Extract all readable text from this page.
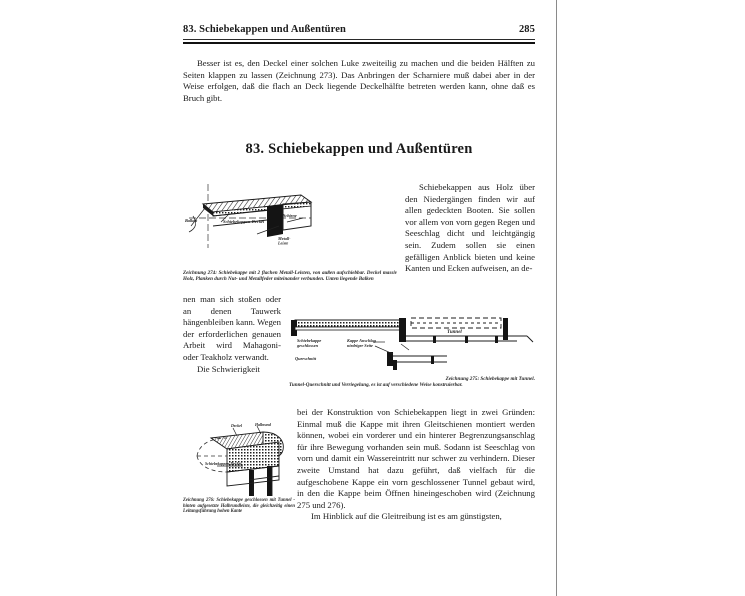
83. Schiebekappen und Außentüren	285

Besser ist es, den Deckel einer solchen Luke zweiteilig zu machen und die beiden Hälften zu Seiten klappen zu lassen (Zeichnung 273). Das Anbringen der Scharniere muß dabei aber in der Weise erfolgen, daß die flach an Deck liegende Deckelhälfte betreten werden kann, ohne daß es Bruch gibt.

83. Schiebekappen und Außentüren
Schiebekappen-Deckel
Metall- Leiste
Schiene
Balken
Zeichnung 274: Schiebekappe mit 2 flachen Metall-Leisten, von außen aufschiebbar. Deckel massiv Holz, Planken durch Nut- und Metallfeder miteinander verbunden. Unten liegende Balken

Schiebekappen aus Holz über den Niedergängen finden wir auf allen gedeckten Booten. Sie sollen vor allem von vorn gegen Regen und Seeschlag dicht und leichtgängig sein. Zudem sollen sie einen gefälligen Anblick bieten und keine Kanten und Ecken aufweisen, an de-

nen man sich stoßen oder an denen Tauwerk hängenbleiben kann. Wegen der erforderlichen genauen Arbeit wird Mahagoni- oder Teakholz verwandt.

Die Schwierigkeit

Tunnel
Schiebekappe geschlossen
Querschnitt
Kappe Anschlag niedriger Seite
Zeichnung 275: Schiebekappe mit Tunnel.
Tunnel-Querschnitt und Verriegelung, es ist auf verschiedene Weise konstruierbar.
Deckel	Halbrund
Schiebekappen-Deckel
Zeichnung 276: Schiebekappe geschlossen mit Tunnel - hinten aufgesetzte Halbrundleiste, die gleichzeitig einen Leitungsführung hohen Kante

bei der Konstruktion von Schiebekappen liegt in zwei Gründen: Einmal muß die Kappe mit ihren Gleitschienen montiert werden können, wobei ein vorderer und ein hinterer Begrenzungsanschlag für ihre Bewegung vorhanden sein muß. Sodann ist Seeschlag von vorn und damit ein Wassereintritt nur schwer zu verhindern. Dieser zweite Umstand hat dazu geführt, daß vielfach für die aufgeschobene Kappe ein vorn geschlossener Tunnel gebaut wird, in den die Kappe beim Öffnen hineingeschoben wird (Zeichnung 275 und 276).

Im Hinblick auf die Gleitreibung ist es am günstigsten,
